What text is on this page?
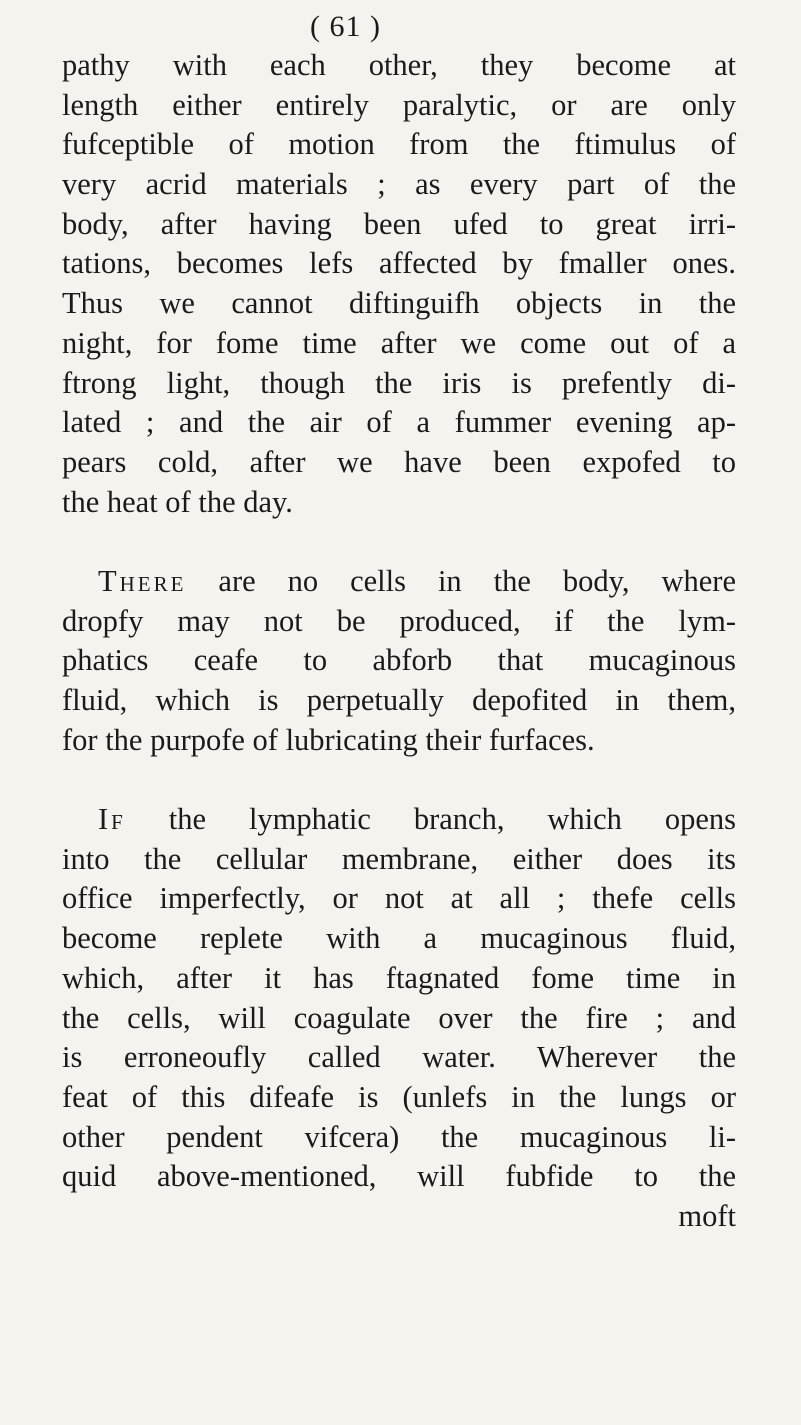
( 61 )
pathy with each other, they become at
length either entirely paralytic, or are only
fufceptible of motion from the ftimulus of
very acrid materials ; as every part of the
body, after having been ufed to great irri-
tations, becomes lefs affected by fmaller ones.
Thus we cannot diftinguifh objects in the
night, for fome time after we come out of a
ftrong light, though the iris is prefently di-
lated ; and the air of a fummer evening ap-
pears cold, after we have been expofed to
the heat of the day.
There are no cells in the body, where
dropfy may not be produced, if the lym-
phatics ceafe to abforb that mucaginous
fluid, which is perpetually depofited in them,
for the purpofe of lubricating their furfaces.
If the lymphatic branch, which opens
into the cellular membrane, either does its
office imperfectly, or not at all ; thefe cells
become replete with a mucaginous fluid,
which, after it has ftagnated fome time in
the cells, will coagulate over the fire ; and
is erroneoufly called water. Wherever the
feat of this difeafe is (unlefs in the lungs or
other pendent vifcera) the mucaginous li-
quid above-mentioned, will fubfide to the
moft
